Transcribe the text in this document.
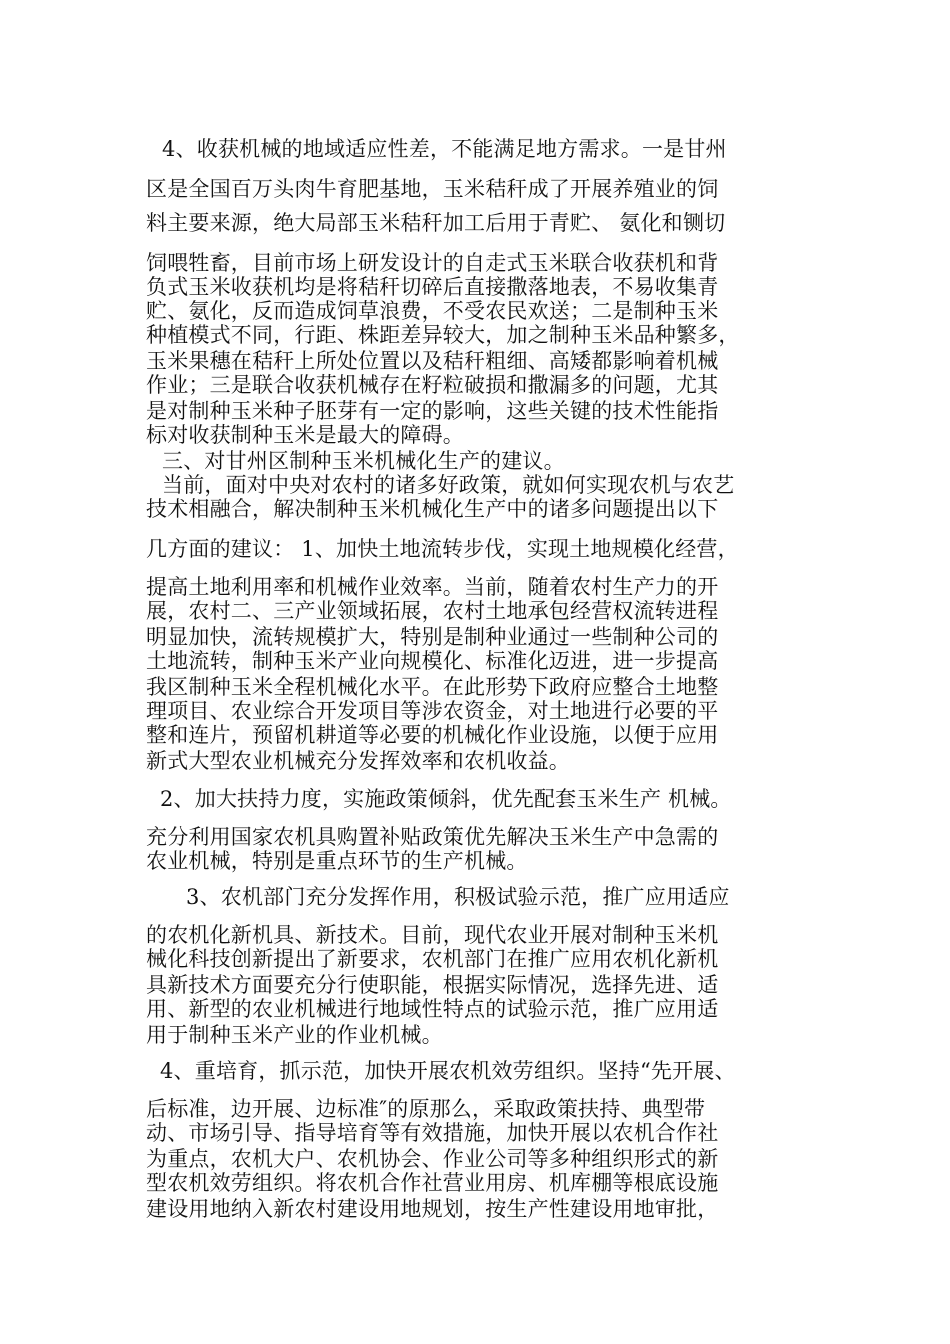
4、收获机械的地域适应性差，不能满足地方需求。一是甘州
区是全国百万头肉牛育肥基地，玉米秸秆成了开展养殖业的饲
料主要来源，绝大局部玉米秸秆加工后用于青贮、 氨化和铡切
饲喂牲畜，目前市场上研发设计的自走式玉米联合收获机和背
负式玉米收获机均是将秸秆切碎后直接撒落地表，不易收集青
贮、氨化，反而造成饲草浪费，不受农民欢送；二是制种玉米
种植模式不同，行距、株距差异较大，加之制种玉米品种繁多，
玉米果穗在秸秆上所处位置以及秸秆粗细、高矮都影响着机械
作业；三是联合收获机械存在籽粒破损和撒漏多的问题，尤其
是对制种玉米种子胚芽有一定的影响，这些关键的技术性能指
标对收获制种玉米是最大的障碍。
三、对甘州区制种玉米机械化生产的建议。
当前，面对中央对农村的诸多好政策，就如何实现农机与农艺
技术相融合，解决制种玉米机械化生产中的诸多问题提出以下
几方面的建议： 1、加快土地流转步伐，实现土地规模化经营，
提高土地利用率和机械作业效率。当前，随着农村生产力的开
展，农村二、三产业领域拓展，农村土地承包经营权流转进程
明显加快，流转规模扩大，特别是制种业通过一些制种公司的
土地流转，制种玉米产业向规模化、标准化迈进，进一步提高
我区制种玉米全程机械化水平。在此形势下政府应整合土地整
理项目、农业综合开发项目等涉农资金，对土地进行必要的平
整和连片，预留机耕道等必要的机械化作业设施，以便于应用
新式大型农业机械充分发挥效率和农机收益。
2、加大扶持力度，实施政策倾斜，优先配套玉米生产 机械。
充分利用国家农机具购置补贴政策优先解决玉米生产中急需的
农业机械，特别是重点环节的生产机械。
3、农机部门充分发挥作用，积极试验示范，推广应用适应
的农机化新机具、新技术。目前，现代农业开展对制种玉米机
械化科技创新提出了新要求，农机部门在推广应用农机化新机
具新技术方面要充分行使职能，根据实际情况，选择先进、适
用、新型的农业机械进行地域性特点的试验示范，推广应用适
用于制种玉米产业的作业机械。
4、重培育，抓示范，加快开展农机效劳组织。坚持“先开展、
后标准，边开展、边标准″的原那么，采取政策扶持、典型带
动、市场引导、指导培育等有效措施，加快开展以农机合作社
为重点，农机大户、农机协会、作业公司等多种组织形式的新
型农机效劳组织。将农机合作社营业用房、机库棚等根底设施
建设用地纳入新农村建设用地规划，按生产性建设用地审批，
